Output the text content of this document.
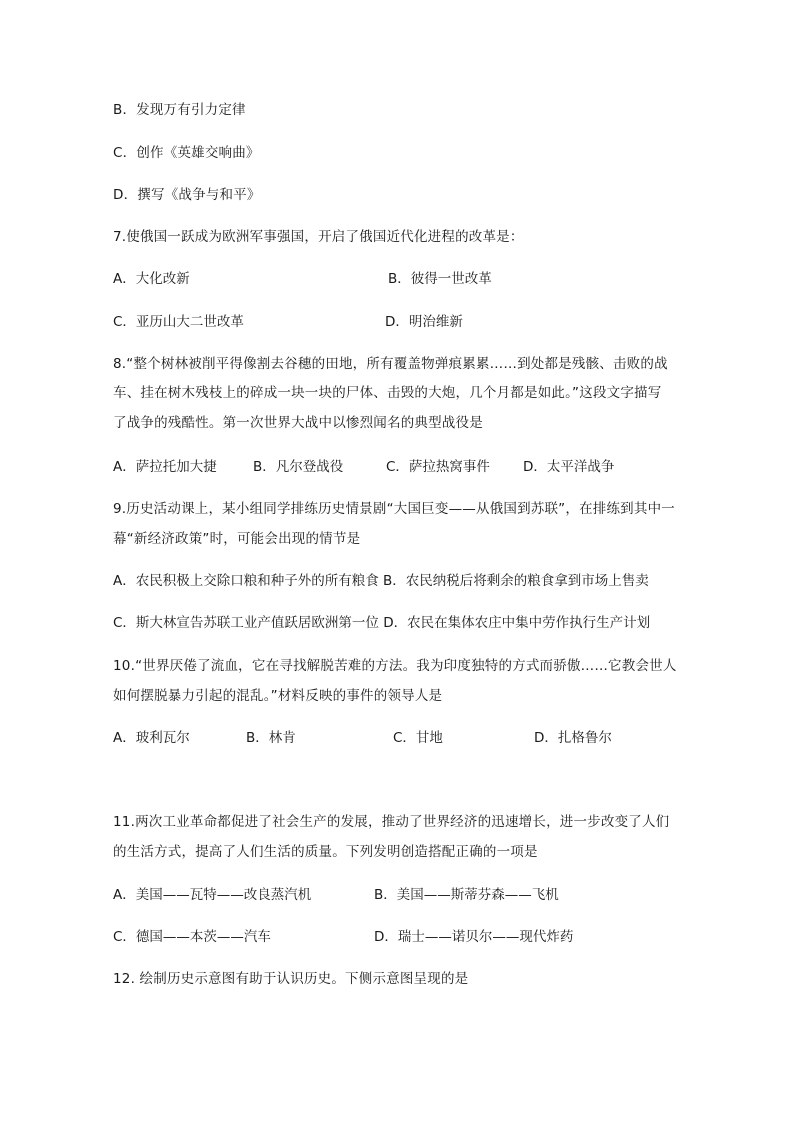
B．发现万有引力定律
C．创作《英雄交响曲》
D．撰写《战争与和平》
7.使俄国一跃成为欧洲军事强国，开启了俄国近代化进程的改革是：
A．大化改新	B．彼得一世改革
C．亚历山大二世改革	D．明治维新
8.“整个树林被削平得像割去谷穗的田地，所有覆盖物弹痕累累……到处都是残骸、击败的战
车、挂在树木残枝上的碎成一块一块的尸体、击毁的大炮，几个月都是如此。”这段文字描写
了战争的残酷性。第一次世界大战中以惨烈闻名的典型战役是
A．萨拉托加大捷	B．凡尔登战役	C．萨拉热窝事件 D．太平洋战争
9.历史活动课上，某小组同学排练历史情景剧“大国巨变——从俄国到苏联”，在排练到其中一
幕“新经济政策”时，可能会出现的情节是
A．农民积极上交除口粮和种子外的所有粮食 B．农民纳税后将剩余的粮食拿到市场上售卖
C．斯大林宣告苏联工业产值跃居欧洲第一位 D．农民在集体农庄中集中劳作执行生产计划
10.“世界厌倦了流血，它在寻找解脱苦难的方法。我为印度独特的方式而骄傲……它教会世人
如何摆脱暴力引起的混乱。”材料反映的事件的领导人是
A．玻利瓦尔	B．林肯	C．甘地	D．扎格鲁尔
11.两次工业革命都促进了社会生产的发展，推动了世界经济的迅速增长，进一步改变了人们
的生活方式，提高了人们生活的质量。下列发明创造搭配正确的一项是
A．美国——瓦特——改良蒸汽机	B．美国——斯蒂芬森——飞机
C．德国——本茨——汽车	D．瑞士——诺贝尔——现代炸药
12. 绘制历史示意图有助于认识历史。下侧示意图呈现的是
